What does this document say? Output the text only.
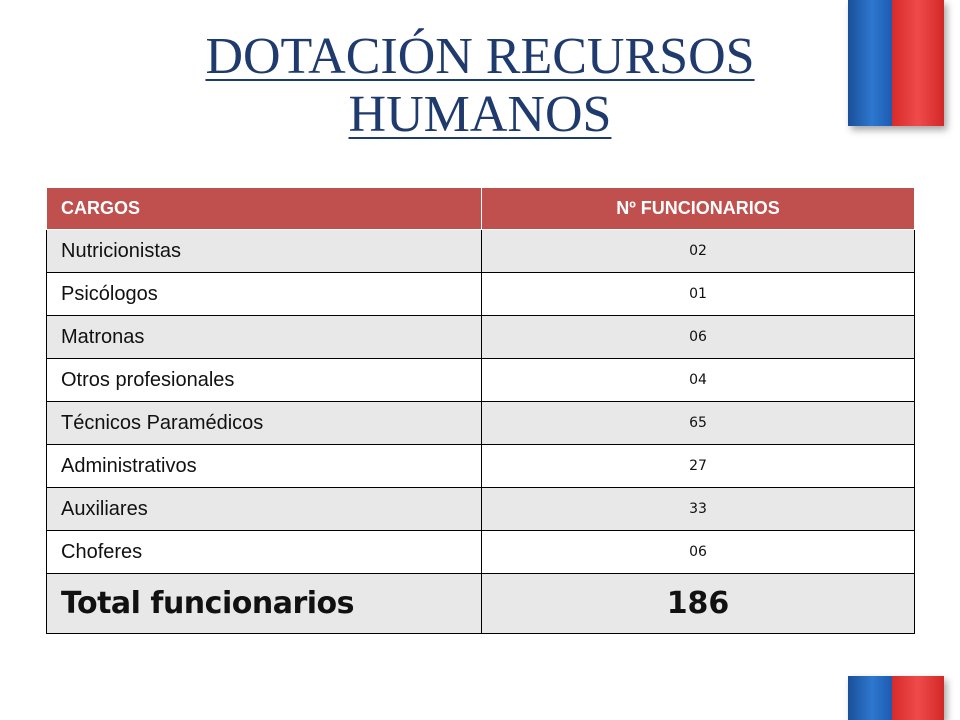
DOTACIÓN RECURSOS
HUMANOS
CARGOS	Nº FUNCIONARIOS
Nutricionistas	02
Psicólogos	01
Matronas	06
Otros profesionales	04
Técnicos Paramédicos	65
Administrativos	27
Auxiliares	33
Choferes	06
Total funcionarios	186
